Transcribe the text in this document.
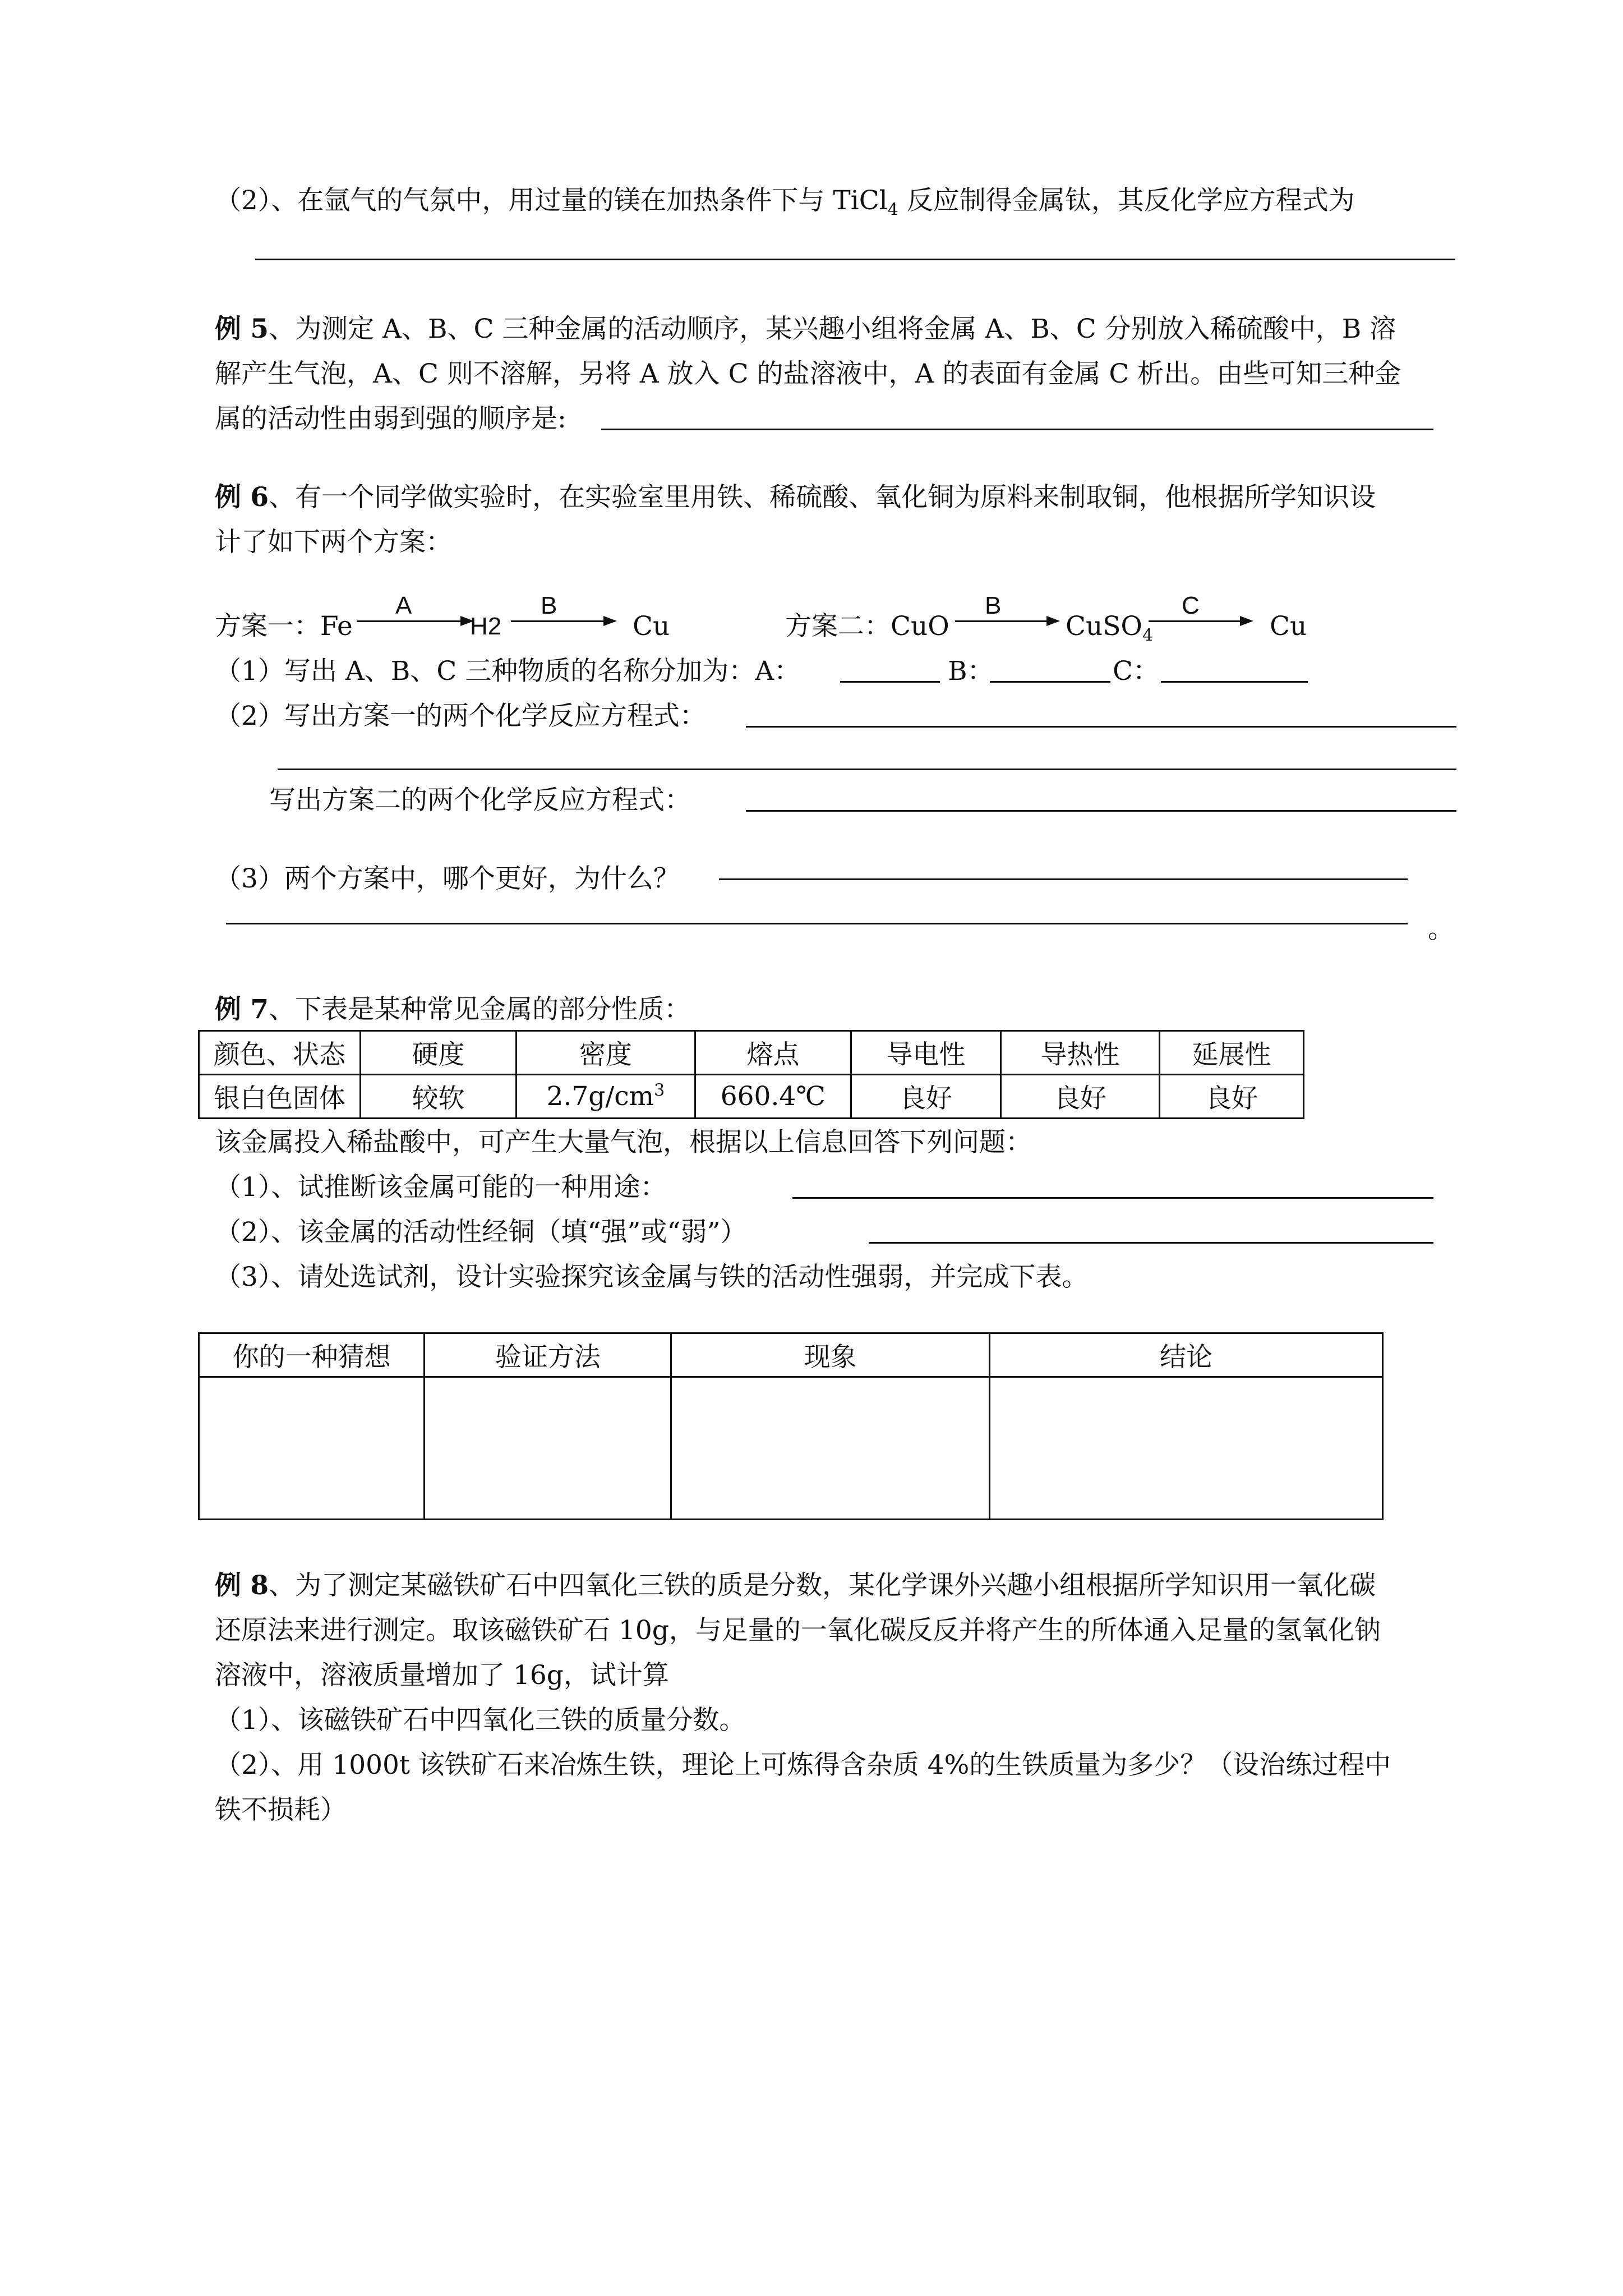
（2）、在氩气的气氛中，用过量的镁在加热条件下与 TiCl$_4$ 反应制得金属钛，其反化学应方程式为
例 5、为测定 A、B、C 三种金属的活动顺序，某兴趣小组将金属 A、B、C 分别放入稀硫酸中，B 溶
解产生气泡，A、C 则不溶解，另将 A 放入 C 的盐溶液中，A 的表面有金属 C 析出。由些可知三种金
属的活动性由弱到强的顺序是:
例 6、有一个同学做实验时，在实验室里用铁、稀硫酸、氧化铜为原料来制取铜，他根据所学知识设
计了如下两个方案：
方案一：Fe
A
H2
B
→ Cu	方案二：CuO
B
→ CuSO$_4$
C
→ Cu
（1）写出 A、B、C 三种物质的名称分加为：A：	B：	C：
（2）写出方案一的两个化学反应方程式：
写出方案二的两个化学反应方程式：
（3）两个方案中，哪个更好，为什么？
。
例 7、下表是某种常见金属的部分性质：
颜色、状态	硬度	密度	熔点	导电性	导热性	延展性
银白色固体	较软	$2.7g/cm^3$	660.4℃	良好	良好	良好
该金属投入稀盐酸中，可产生大量气泡，根据以上信息回答下列问题：
（1）、试推断该金属可能的一种用途：
（2）、该金属的活动性经铜（填“强”或“弱”）
（3）、请处选试剂，设计实验探究该金属与铁的活动性强弱，并完成下表。
你的一种猜想	验证方法	现象	结论

例 8、为了测定某磁铁矿石中四氧化三铁的质是分数，某化学课外兴趣小组根据所学知识用一氧化碳
还原法来进行测定。取该磁铁矿石 10g，与足量的一氧化碳反反并将产生的所体通入足量的氢氧化钠
溶液中，溶液质量增加了 16g，试计算
（1）、该磁铁矿石中四氧化三铁的质量分数。
（2）、用 1000t 该铁矿石来冶炼生铁，理论上可炼得含杂质 4%的生铁质量为多少？（设治练过程中
铁不损耗）
